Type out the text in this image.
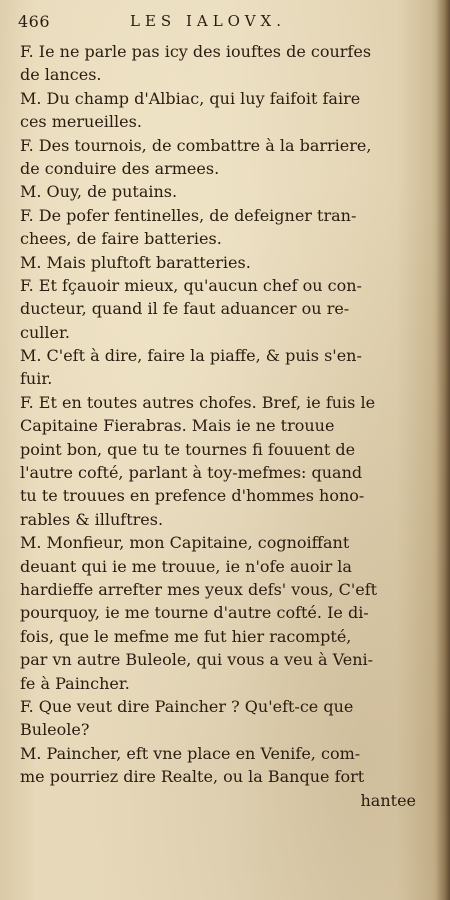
466	LES IALOVX.
F. Ie ne parle pas icy des iouftes de courfes
de lances.
M. Du champ d'Albiac, qui luy faifoit faire
ces merueilles.
F. Des tournois, de combattre à la barriere,
de conduire des armees.
M. Ouy, de putains.
F. De pofer fentinelles, de defeigner tran-
chees, de faire batteries.
M. Mais pluftoft baratteries.
F. Et fçauoir mieux, qu'aucun chef ou con-
ducteur, quand il fe faut aduancer ou re-
culler.
M. C'eft à dire, faire la piaffe, & puis s'en-
fuir.
F. Et en toutes autres chofes. Bref, ie fuis le
Capitaine Fierabras. Mais ie ne trouue
point bon, que tu te tournes fi fouuent de
l'autre cofté, parlant à toy-mefmes: quand
tu te trouues en prefence d'hommes hono-
rables & illuftres.
M. Monfieur, mon Capitaine, cognoiffant
deuant qui ie me trouue, ie n'ofe auoir la
hardieffe arrefter mes yeux defs' vous, C'eft
pourquoy, ie me tourne d'autre cofté. Ie di-
fois, que le mefme me fut hier racompté,
par vn autre Buleole, qui vous a veu à Veni-
fe à Paincher.
F. Que veut dire Paincher ? Qu'eft-ce que
Buleole?
M. Paincher, eft vne place en Venife, com-
me pourriez dire Realte, ou la Banque fort
hantee
